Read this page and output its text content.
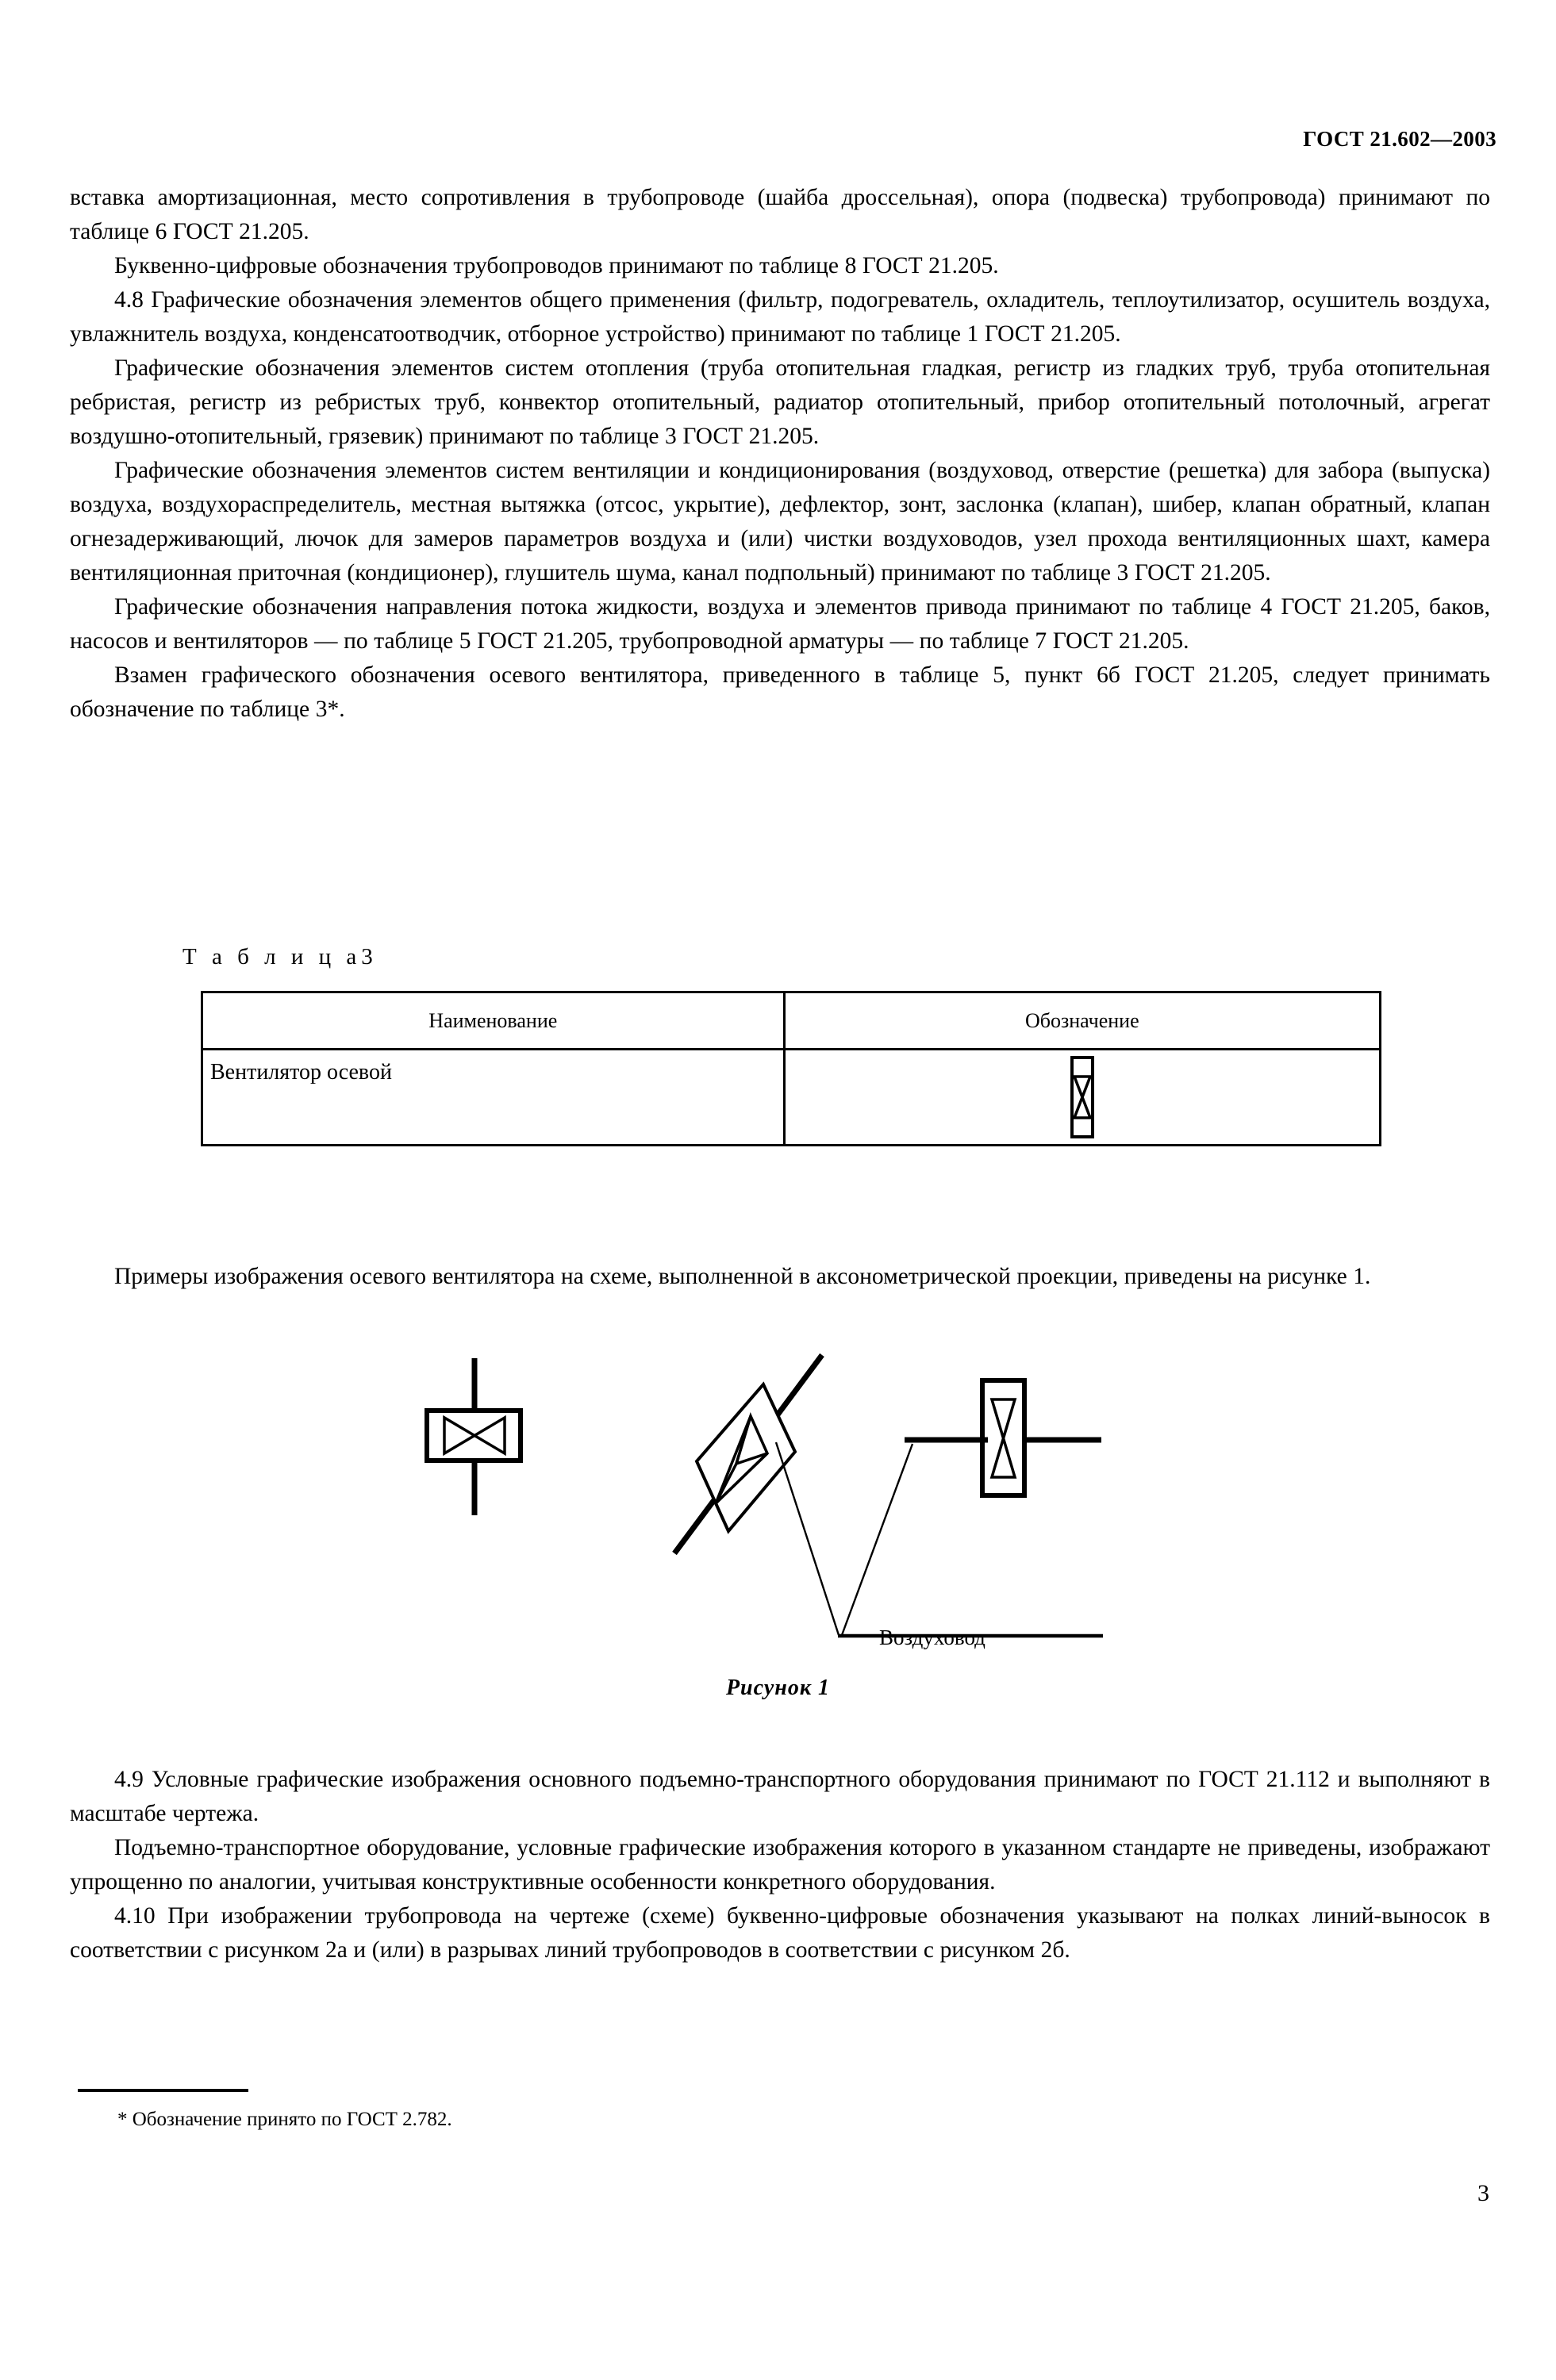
ГОСТ 21.602—2003

вставка амортизационная, место сопротивления в трубопроводе (шайба дроссельная), опора (подвеска) трубопровода) принимают по таблице 6 ГОСТ 21.205.

Буквенно-цифровые обозначения трубопроводов принимают по таблице 8 ГОСТ 21.205.

4.8 Графические обозначения элементов общего применения (фильтр, подогреватель, охладитель, теплоутилизатор, осушитель воздуха, увлажнитель воздуха, конденсатоотводчик, отборное устройство) принимают по таблице 1 ГОСТ 21.205.

Графические обозначения элементов систем отопления (труба отопительная гладкая, регистр из гладких труб, труба отопительная ребристая, регистр из ребристых труб, конвектор отопительный, радиатор отопительный, прибор отопительный потолочный, агрегат воздушно-отопительный, грязевик) принимают по таблице 3 ГОСТ 21.205.

Графические обозначения элементов систем вентиляции и кондиционирования (воздуховод, отверстие (решетка) для забора (выпуска) воздуха, воздухораспределитель, местная вытяжка (отсос, укрытие), дефлектор, зонт, заслонка (клапан), шибер, клапан обратный, клапан огнезадерживающий, лючок для замеров параметров воздуха и (или) чистки воздуховодов, узел прохода вентиляционных шахт, камера вентиляционная приточная (кондиционер), глушитель шума, канал подпольный) принимают по таблице 3 ГОСТ 21.205.

Графические обозначения направления потока жидкости, воздуха и элементов привода принимают по таблице 4 ГОСТ 21.205, баков, насосов и вентиляторов — по таблице 5 ГОСТ 21.205, трубопроводной арматуры — по таблице 7 ГОСТ 21.205.

Взамен графического обозначения осевого вентилятора, приведенного в таблице 5, пункт 6б ГОСТ 21.205, следует принимать обозначение по таблице 3*.

Т а б л и ц а3
Наименование	Обозначение
Вентилятор осевой

Примеры изображения осевого вентилятора на схеме, выполненной в аксонометрической проекции, приведены на рисунке 1.

Воздуховод
Рисунок 1

4.9 Условные графические изображения основного подъемно-транспортного оборудования принимают по ГОСТ 21.112 и выполняют в масштабе чертежа.

Подъемно-транспортное оборудование, условные графические изображения которого в указанном стандарте не приведены, изображают упрощенно по аналогии, учитывая конструктивные особенности конкретного оборудования.

4.10 При изображении трубопровода на чертеже (схеме) буквенно-цифровые обозначения указывают на полках линий-выносок в соответствии с рисунком 2а и (или) в разрывах линий трубопроводов в соответствии с рисунком 2б.

* Обозначение принято по ГОСТ 2.782.
3
